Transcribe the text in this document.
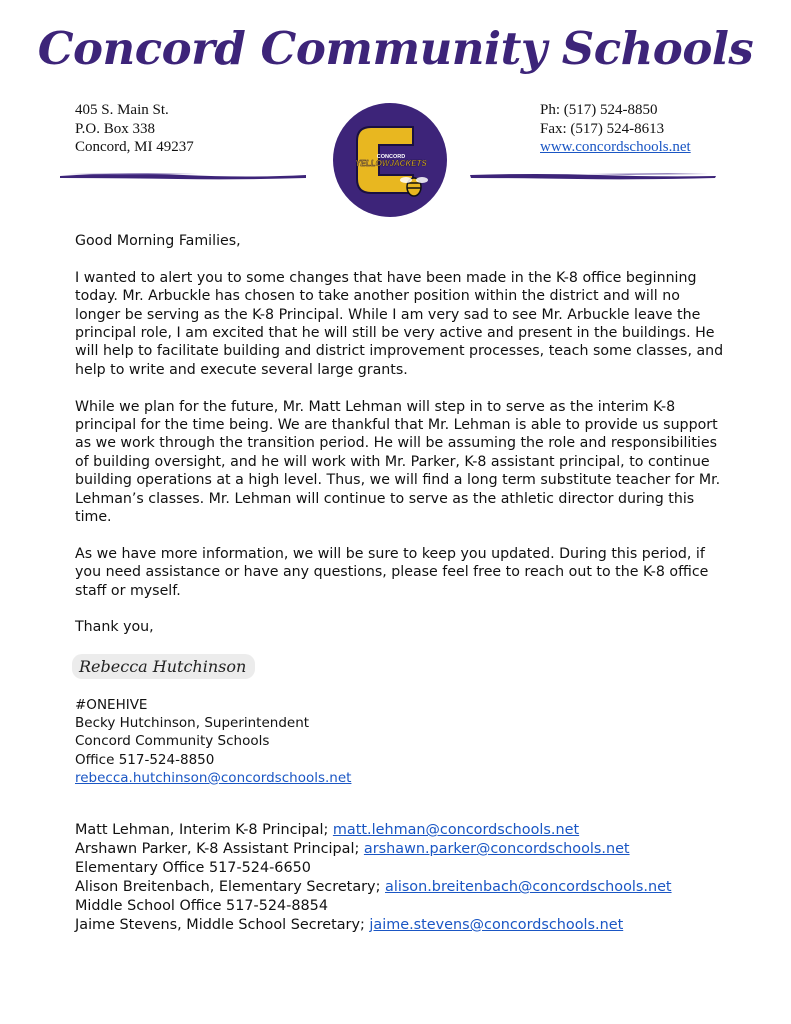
Concord Community Schools
405 S. Main St.
P.O. Box 338
Concord, MI 49237
Ph: (517) 524-8850
Fax: (517) 524-8613
www.concordschools.net
CONCORD
YELLOWJACKETS

Good Morning Families,

I wanted to alert you to some changes that have been made in the K-8 office beginning today. Mr. Arbuckle has chosen to take another position within the district and will no longer be serving as the K-8 Principal. While I am very sad to see Mr. Arbuckle leave the principal role, I am excited that he will still be very active and present in the buildings. He will help to facilitate building and district improvement processes, teach some classes, and help to write and execute several large grants.

While we plan for the future, Mr. Matt Lehman will step in to serve as the interim K-8 principal for the time being. We are thankful that Mr. Lehman is able to provide us support as we work through the transition period. He will be assuming the role and responsibilities of building oversight, and he will work with Mr. Parker, K-8 assistant principal, to continue building operations at a high level. Thus, we will find a long term substitute teacher for Mr. Lehman’s classes. Mr. Lehman will continue to serve as the athletic director during this time.

As we have more information, we will be sure to keep you updated. During this period, if you need assistance or have any questions, please feel free to reach out to the K-8 office staff or myself.

Thank you,

Rebecca Hutchinson
#ONEHIVE
Becky Hutchinson, Superintendent
Concord Community Schools
Office 517-524-8850
rebecca.hutchinson@concordschools.net
Matt Lehman, Interim K-8 Principal; matt.lehman@concordschools.net
Arshawn Parker, K-8 Assistant Principal; arshawn.parker@concordschools.net
Elementary Office 517-524-6650
Alison Breitenbach, Elementary Secretary; alison.breitenbach@concordschools.net
Middle School Office 517-524-8854
Jaime Stevens, Middle School Secretary; jaime.stevens@concordschools.net
